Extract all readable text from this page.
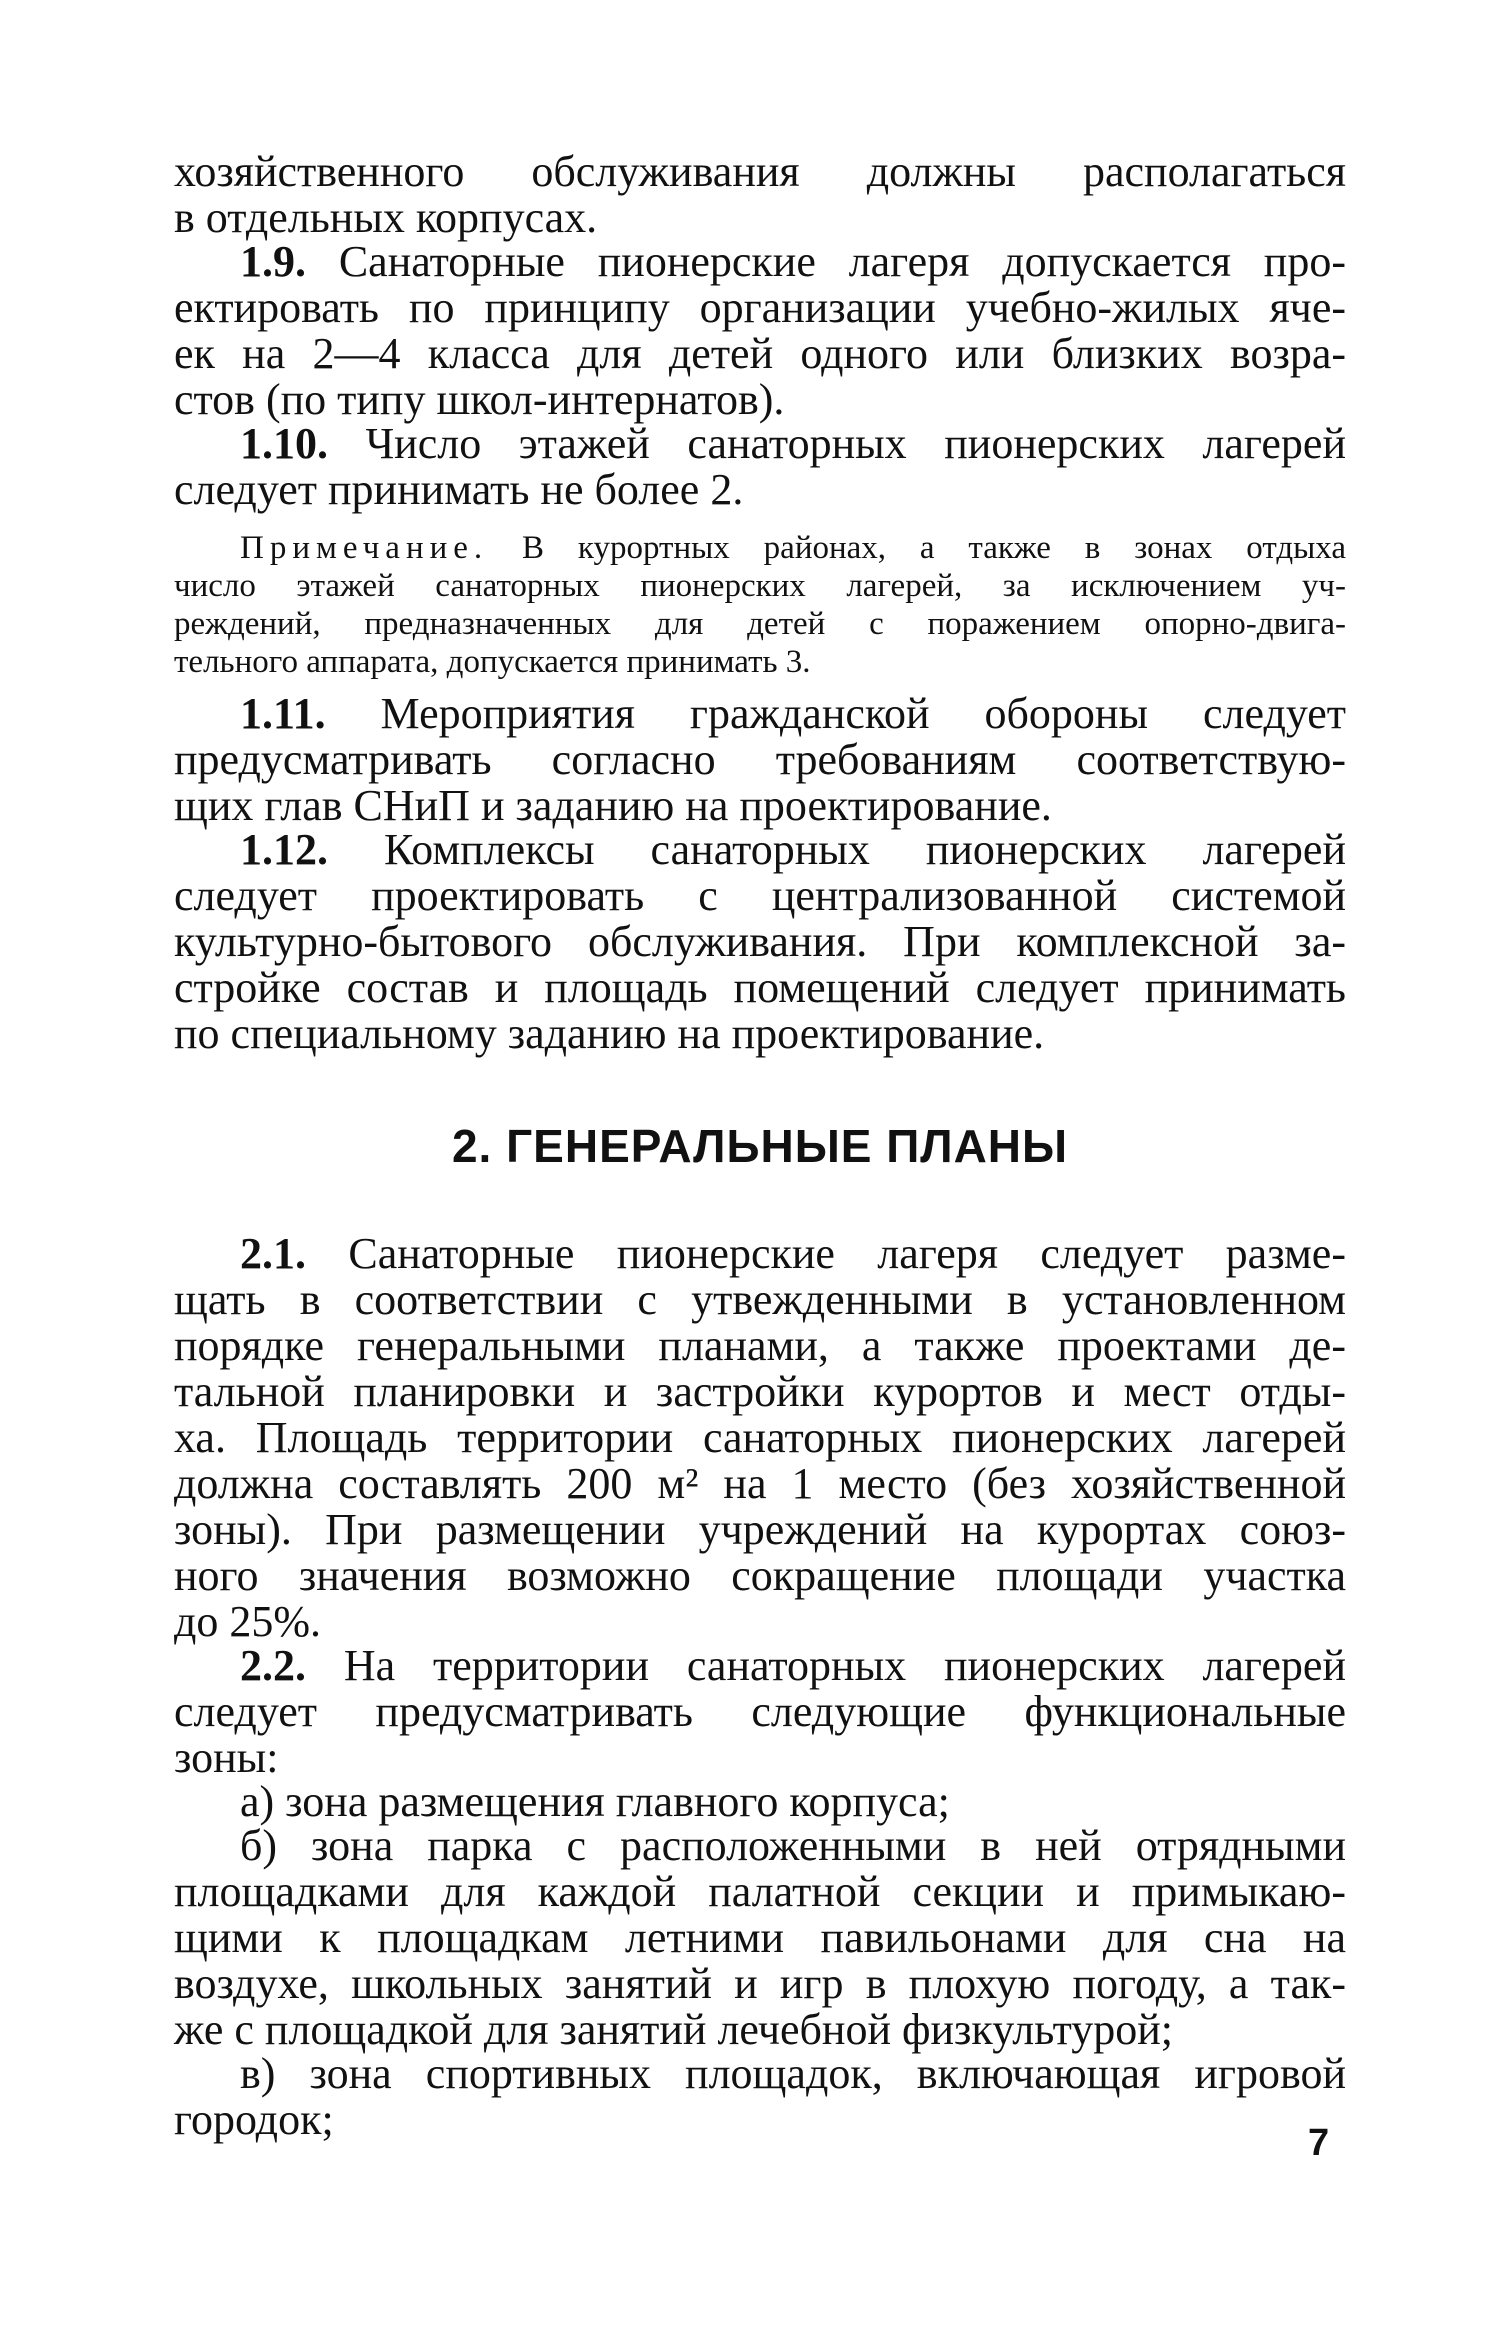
хозяйственного обслуживания должны располагаться
в отдельных корпусах.
1.9. Санаторные пионерские лагеря допускается про-
ектировать по принципу организации учебно-жилых яче-
ек на 2—4 класса для детей одного или близких возра-
стов (по типу школ-интернатов).
1.10. Число этажей санаторных пионерских лагерей
следует принимать не более 2.
Примечание. В курортных районах, а также в зонах отдыха
число этажей санаторных пионерских лагерей, за исключением уч-
реждений, предназначенных для детей с поражением опорно-двига-
тельного аппарата, допускается принимать 3.
1.11. Мероприятия гражданской обороны следует
предусматривать согласно требованиям соответствую-
щих глав СНиП и заданию на проектирование.
1.12. Комплексы санаторных пионерских лагерей
следует проектировать с централизованной системой
культурно-бытового обслуживания. При комплексной за-
стройке состав и площадь помещений следует принимать
по специальному заданию на проектирование.
2. ГЕНЕРАЛЬНЫЕ ПЛАНЫ
2.1. Санаторные пионерские лагеря следует разме-
щать в соответствии с утвежденными в установленном
порядке генеральными планами, а также проектами де-
тальной планировки и застройки курортов и мест отды-
ха. Площадь территории санаторных пионерских лагерей
должна составлять 200 м² на 1 место (без хозяйственной
зоны). При размещении учреждений на курортах союз-
ного значения возможно сокращение площади участка
до 25%.
2.2. На территории санаторных пионерских лагерей
следует предусматривать следующие функциональные
зоны:
а) зона размещения главного корпуса;
б) зона парка с расположенными в ней отрядными
площадками для каждой палатной секции и примыкаю-
щими к площадкам летними павильонами для сна на
воздухе, школьных занятий и игр в плохую погоду, а так-
же с площадкой для занятий лечебной физкультурой;
в) зона спортивных площадок, включающая игровой
городок;	7
